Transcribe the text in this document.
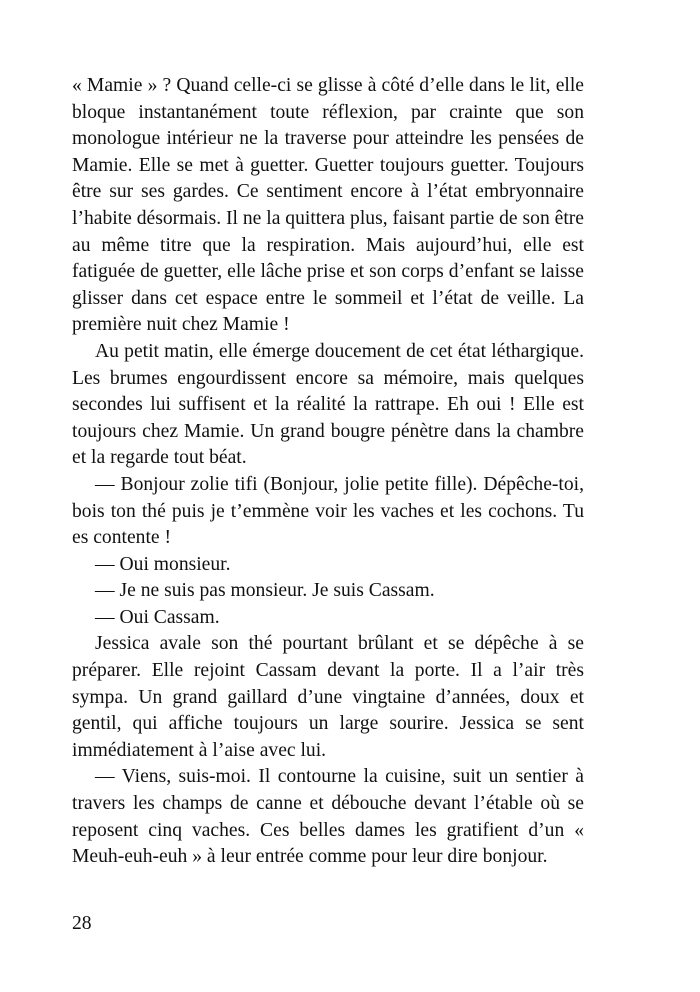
« Mamie » ? Quand celle-ci se glisse à côté d’elle dans le lit, elle bloque instantanément toute réflexion, par crainte que son monologue intérieur ne la traverse pour atteindre les pensées de Mamie. Elle se met à guetter. Guetter toujours guetter. Toujours être sur ses gardes. Ce sentiment encore à l’état embryonnaire l’habite désormais. Il ne la quittera plus, faisant partie de son être au même titre que la respiration. Mais aujourd’hui, elle est fatiguée de guetter, elle lâche prise et son corps d’enfant se laisse glisser dans cet espace entre le sommeil et l’état de veille. La première nuit chez Mamie !

Au petit matin, elle émerge doucement de cet état léthargique. Les brumes engourdissent encore sa mémoire, mais quelques secondes lui suffisent et la réalité la rattrape. Eh oui ! Elle est toujours chez Mamie. Un grand bougre pénètre dans la chambre et la regarde tout béat.

— Bonjour zolie tifi (Bonjour, jolie petite fille). Dépêche-toi, bois ton thé puis je t’emmène voir les vaches et les cochons. Tu es contente !

— Oui monsieur.

— Je ne suis pas monsieur. Je suis Cassam.

— Oui Cassam.

Jessica avale son thé pourtant brûlant et se dépêche à se préparer. Elle rejoint Cassam devant la porte. Il a l’air très sympa. Un grand gaillard d’une vingtaine d’années, doux et gentil, qui affiche toujours un large sourire. Jessica se sent immédiatement à l’aise avec lui.

— Viens, suis-moi. Il contourne la cuisine, suit un sentier à travers les champs de canne et débouche devant l’étable où se reposent cinq vaches. Ces belles dames les gratifient d’un « Meuh-euh-euh » à leur entrée comme pour leur dire bonjour.

28
